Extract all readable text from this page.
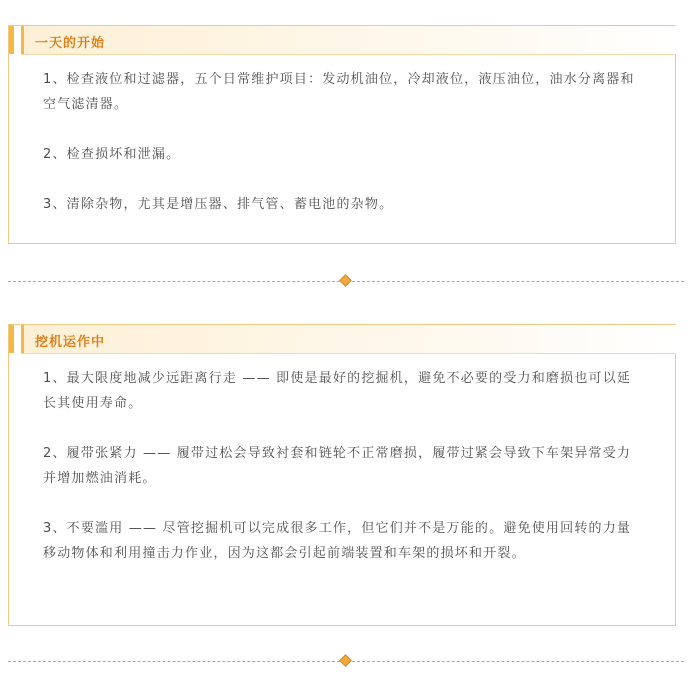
一天的开始

1、检查液位和过滤器，五个日常维护项目：发动机油位，冷却液位，液压油位，油水分离器和空气滤清器。

2、检查损坏和泄漏。

3、清除杂物，尤其是增压器、排气管、蓄电池的杂物。

挖机运作中

1、最大限度地减少远距离行走 —— 即使是最好的挖掘机，避免不必要的受力和磨损也可以延长其使用寿命。

2、履带张紧力 —— 履带过松会导致衬套和链轮不正常磨损，履带过紧会导致下车架异常受力并增加燃油消耗。

3、不要滥用 —— 尽管挖掘机可以完成很多工作，但它们并不是万能的。避免使用回转的力量移动物体和利用撞击力作业，因为这都会引起前端装置和车架的损坏和开裂。
